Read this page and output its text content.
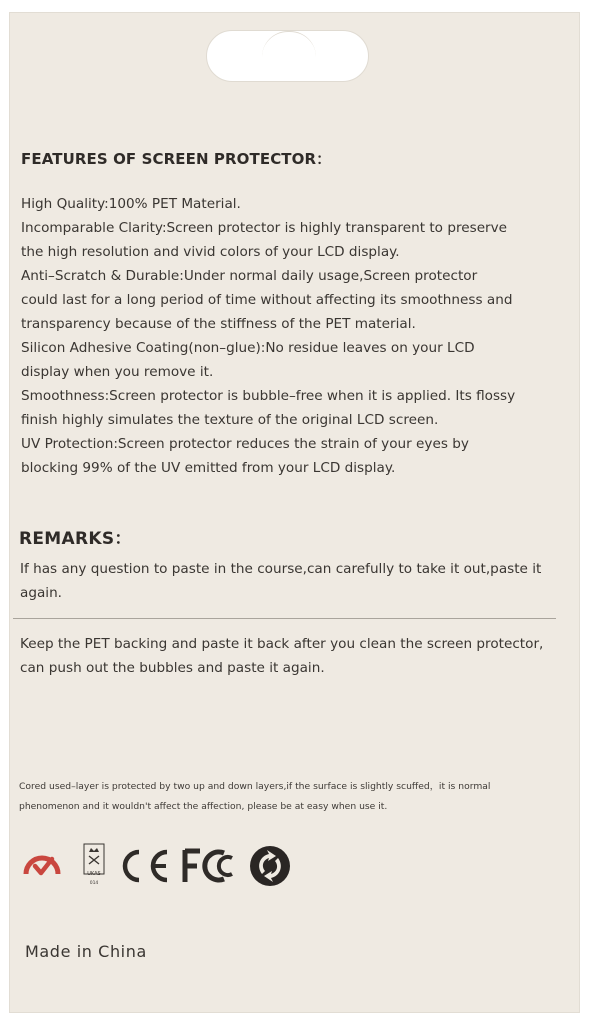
FEATURES OF SCREEN PROTECTOR：
High Quality:100% PET Material.
Incomparable Clarity:Screen protector is highly transparent to preserve
the high resolution and vivid colors of your LCD display.
Anti–Scratch & Durable:Under normal daily usage,Screen protector
could last for a long period of time without affecting its smoothness and
transparency because of the stiffness of the PET material.
Silicon Adhesive Coating(non–glue):No residue leaves on your LCD
display when you remove it.
Smoothness:Screen protector is bubble–free when it is applied. Its flossy
finish highly simulates the texture of the original LCD screen.
UV Protection:Screen protector reduces the strain of your eyes by
blocking 99% of the UV emitted from your LCD display.
REMARKS：
If has any question to paste in the course,can carefully to take it out,paste it
again.
Keep the PET backing and paste it back after you clean the screen protector,
can push out the bubbles and paste it again.
Cored used–layer is protected by two up and down layers,if the surface is slightly scuffed，it is normal
phenomenon and it wouldn't affect the affection, please be at easy when use it.
UKAS
014
CE	FC
Made in China
